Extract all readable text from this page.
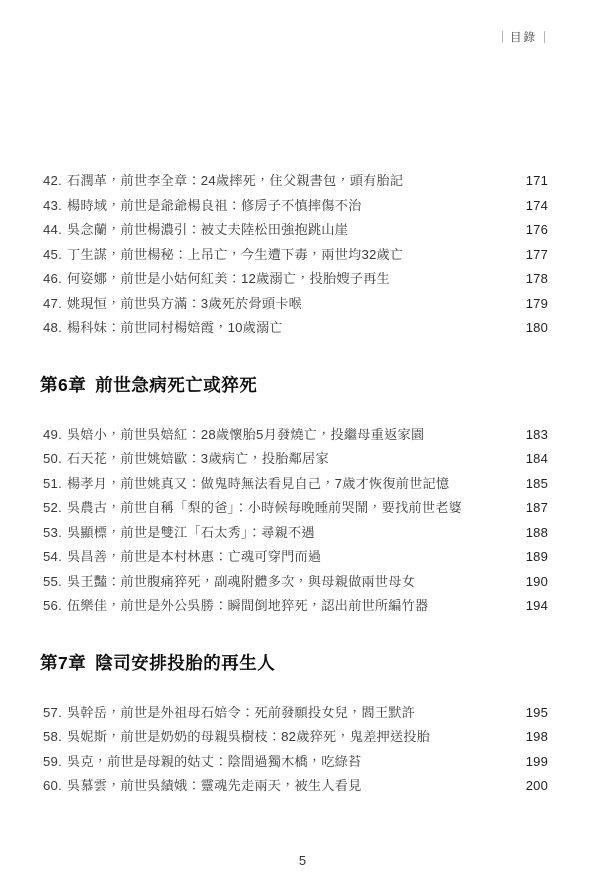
目錄
42. 石潤革，前世李全章：24歲摔死，住父親書包，頭有胎記	171
43. 楊時域，前世是爺爺楊良祖：修房子不慎摔傷不治	174
44. 吳念蘭，前世楊濃引：被丈夫陸松田強抱跳山崖	176
45. 丁生謀，前世楊秘：上吊亡，今生遭下毒，兩世均32歲亡	177
46. 何姿娜，前世是小姑何紅美：12歲溺亡，投胎嫂子再生	178
47. 姚現恒，前世吳方滿：3歲死於骨頭卡喉	179
48. 楊科妹：前世同村楊婄霞，10歲溺亡	180
第6章 前世急病死亡或猝死
49. 吳婄小，前世吳婄紅：28歲懷胎5月發燒亡，投繼母重返家園	183
50. 石天花，前世姚婄歐：3歲病亡，投胎鄰居家	184
51. 楊孝月，前世姚真又：做鬼時無法看見自己，7歲才恢復前世記憶	185
52. 吳農古，前世自稱「梨的爸」：小時候每晚睡前哭鬧，要找前世老婆	187
53. 吳顯標，前世是雙江「石太秀」：尋親不遇	188
54. 吳昌善，前世是本村林惠：亡魂可穿門而過	189
55. 吳王豔：前世腹痛猝死，副魂附體多次，與母親做兩世母女	190
56. 伍樂佳，前世是外公吳勝：瞬間倒地猝死，認出前世所編竹器	194
第7章 陰司安排投胎的再生人
57. 吳幹岳，前世是外祖母石婄令：死前發願投女兒，閻王默許	195
58. 吳妮斯，前世是奶奶的母親吳樹枝：82歲猝死，鬼差押送投胎	198
59. 吳克，前世是母親的姑丈：陰間過獨木橋，吃綠苔	199
60. 吳慕雲，前世吳績娥：靈魂先走兩天，被生人看見	200
5
